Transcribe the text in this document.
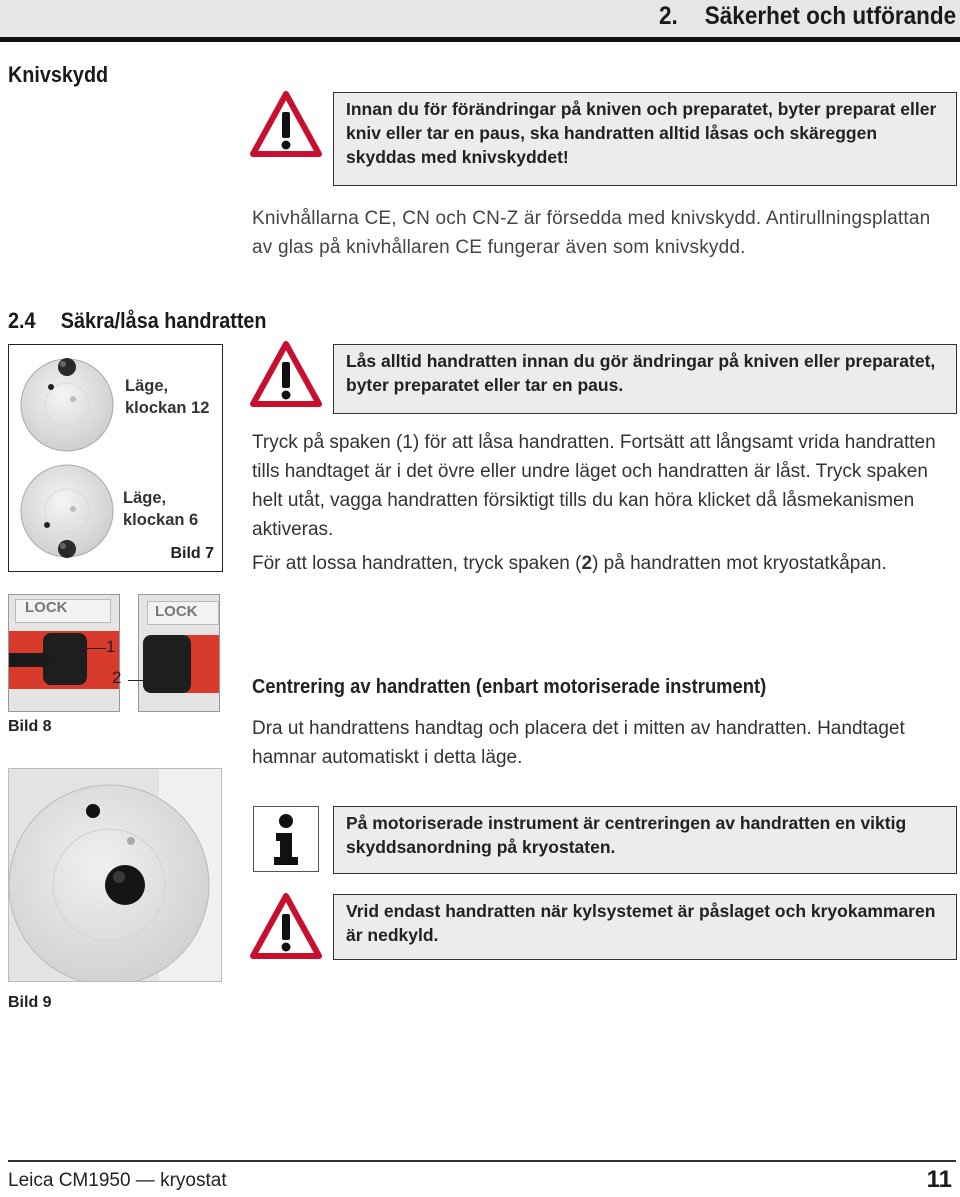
2. Säkerhet och utförande
Knivskydd
Innan du för förändringar på kniven och preparatet, byter preparat eller kniv eller tar en paus, ska handratten alltid låsas och skäreggen skyddas med knivskyddet!
Knivhållarna CE, CN och CN-Z är försedda med knivskydd. Antirullningsplattan av glas på knivhållaren CE fungerar även som knivskydd.
2.4 Säkra/låsa handratten
Läge,
klockan 12
Läge,
klockan 6
Bild 7
Lås alltid handratten innan du gör ändringar på kniven eller preparatet, byter preparatet eller tar en paus.
Tryck på spaken (1) för att låsa handratten. Fortsätt att långsamt vrida handratten tills handtaget är i det övre eller undre läget och handratten är låst. Tryck spaken helt utåt, vagga handratten försiktigt tills du kan höra klicket då låsmekanismen aktiveras.
För att lossa handratten, tryck spaken (2) på handratten mot kryostatkåpan.
LOCK	LOCK
1
2
Bild 8
Centrering av handratten (enbart motoriserade instrument)
Dra ut handrattens handtag och placera det i mitten av handratten. Handtaget hamnar automatiskt i detta läge.
Bild 9
På motoriserade instrument är centreringen av handratten en viktig skyddsanordning på kryostaten.
Vrid endast handratten när kylsystemet är påslaget och kryokammaren är nedkyld.
Leica CM1950 — kryostat	11
